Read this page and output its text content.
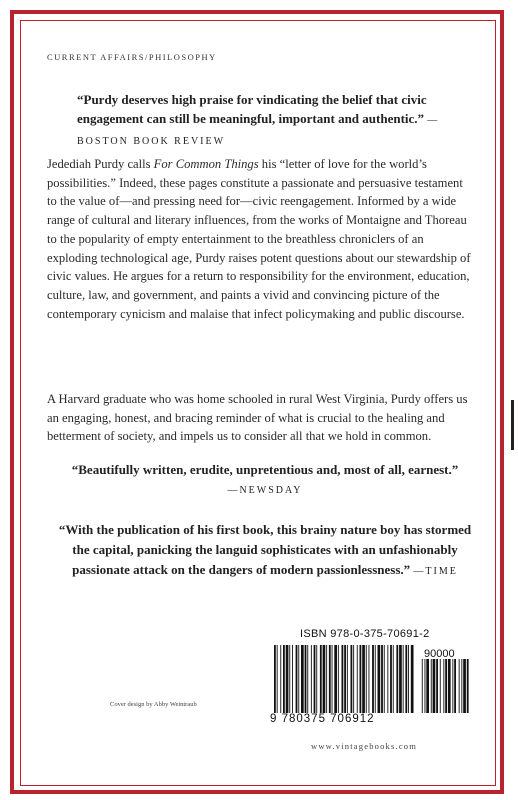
CURRENT AFFAIRS/PHILOSOPHY
“Purdy deserves high praise for vindicating the belief that civic engagement can still be meaningful, important and authentic.” —BOSTON BOOK REVIEW
Jedediah Purdy calls For Common Things his “letter of love for the world’s possibilities.” Indeed, these pages constitute a passionate and persuasive testament to the value of—and pressing need for—civic reengagement. Informed by a wide range of cultural and literary influences, from the works of Montaigne and Thoreau to the popularity of empty entertainment to the breathless chroniclers of an exploding technological age, Purdy raises potent questions about our stewardship of civic values. He argues for a return to responsibility for the environment, education, culture, law, and government, and paints a vivid and convincing picture of the contemporary cynicism and malaise that infect policymaking and public discourse.
A Harvard graduate who was home schooled in rural West Virginia, Purdy offers us an engaging, honest, and bracing reminder of what is crucial to the healing and betterment of society, and impels us to consider all that we hold in common.
“Beautifully written, erudite, unpretentious and, most of all, earnest.”
—NEWSDAY
“With the publication of his first book, this brainy nature boy has stormed the capital, panicking the languid sophisticates with an unfashionably passionate attack on the dangers of modern passionlessness.” —TIME
ISBN 978-0-375-70691-2
90000
9 780375 706912
Cover design by Abby Weintraub
www.vintagebooks.com
